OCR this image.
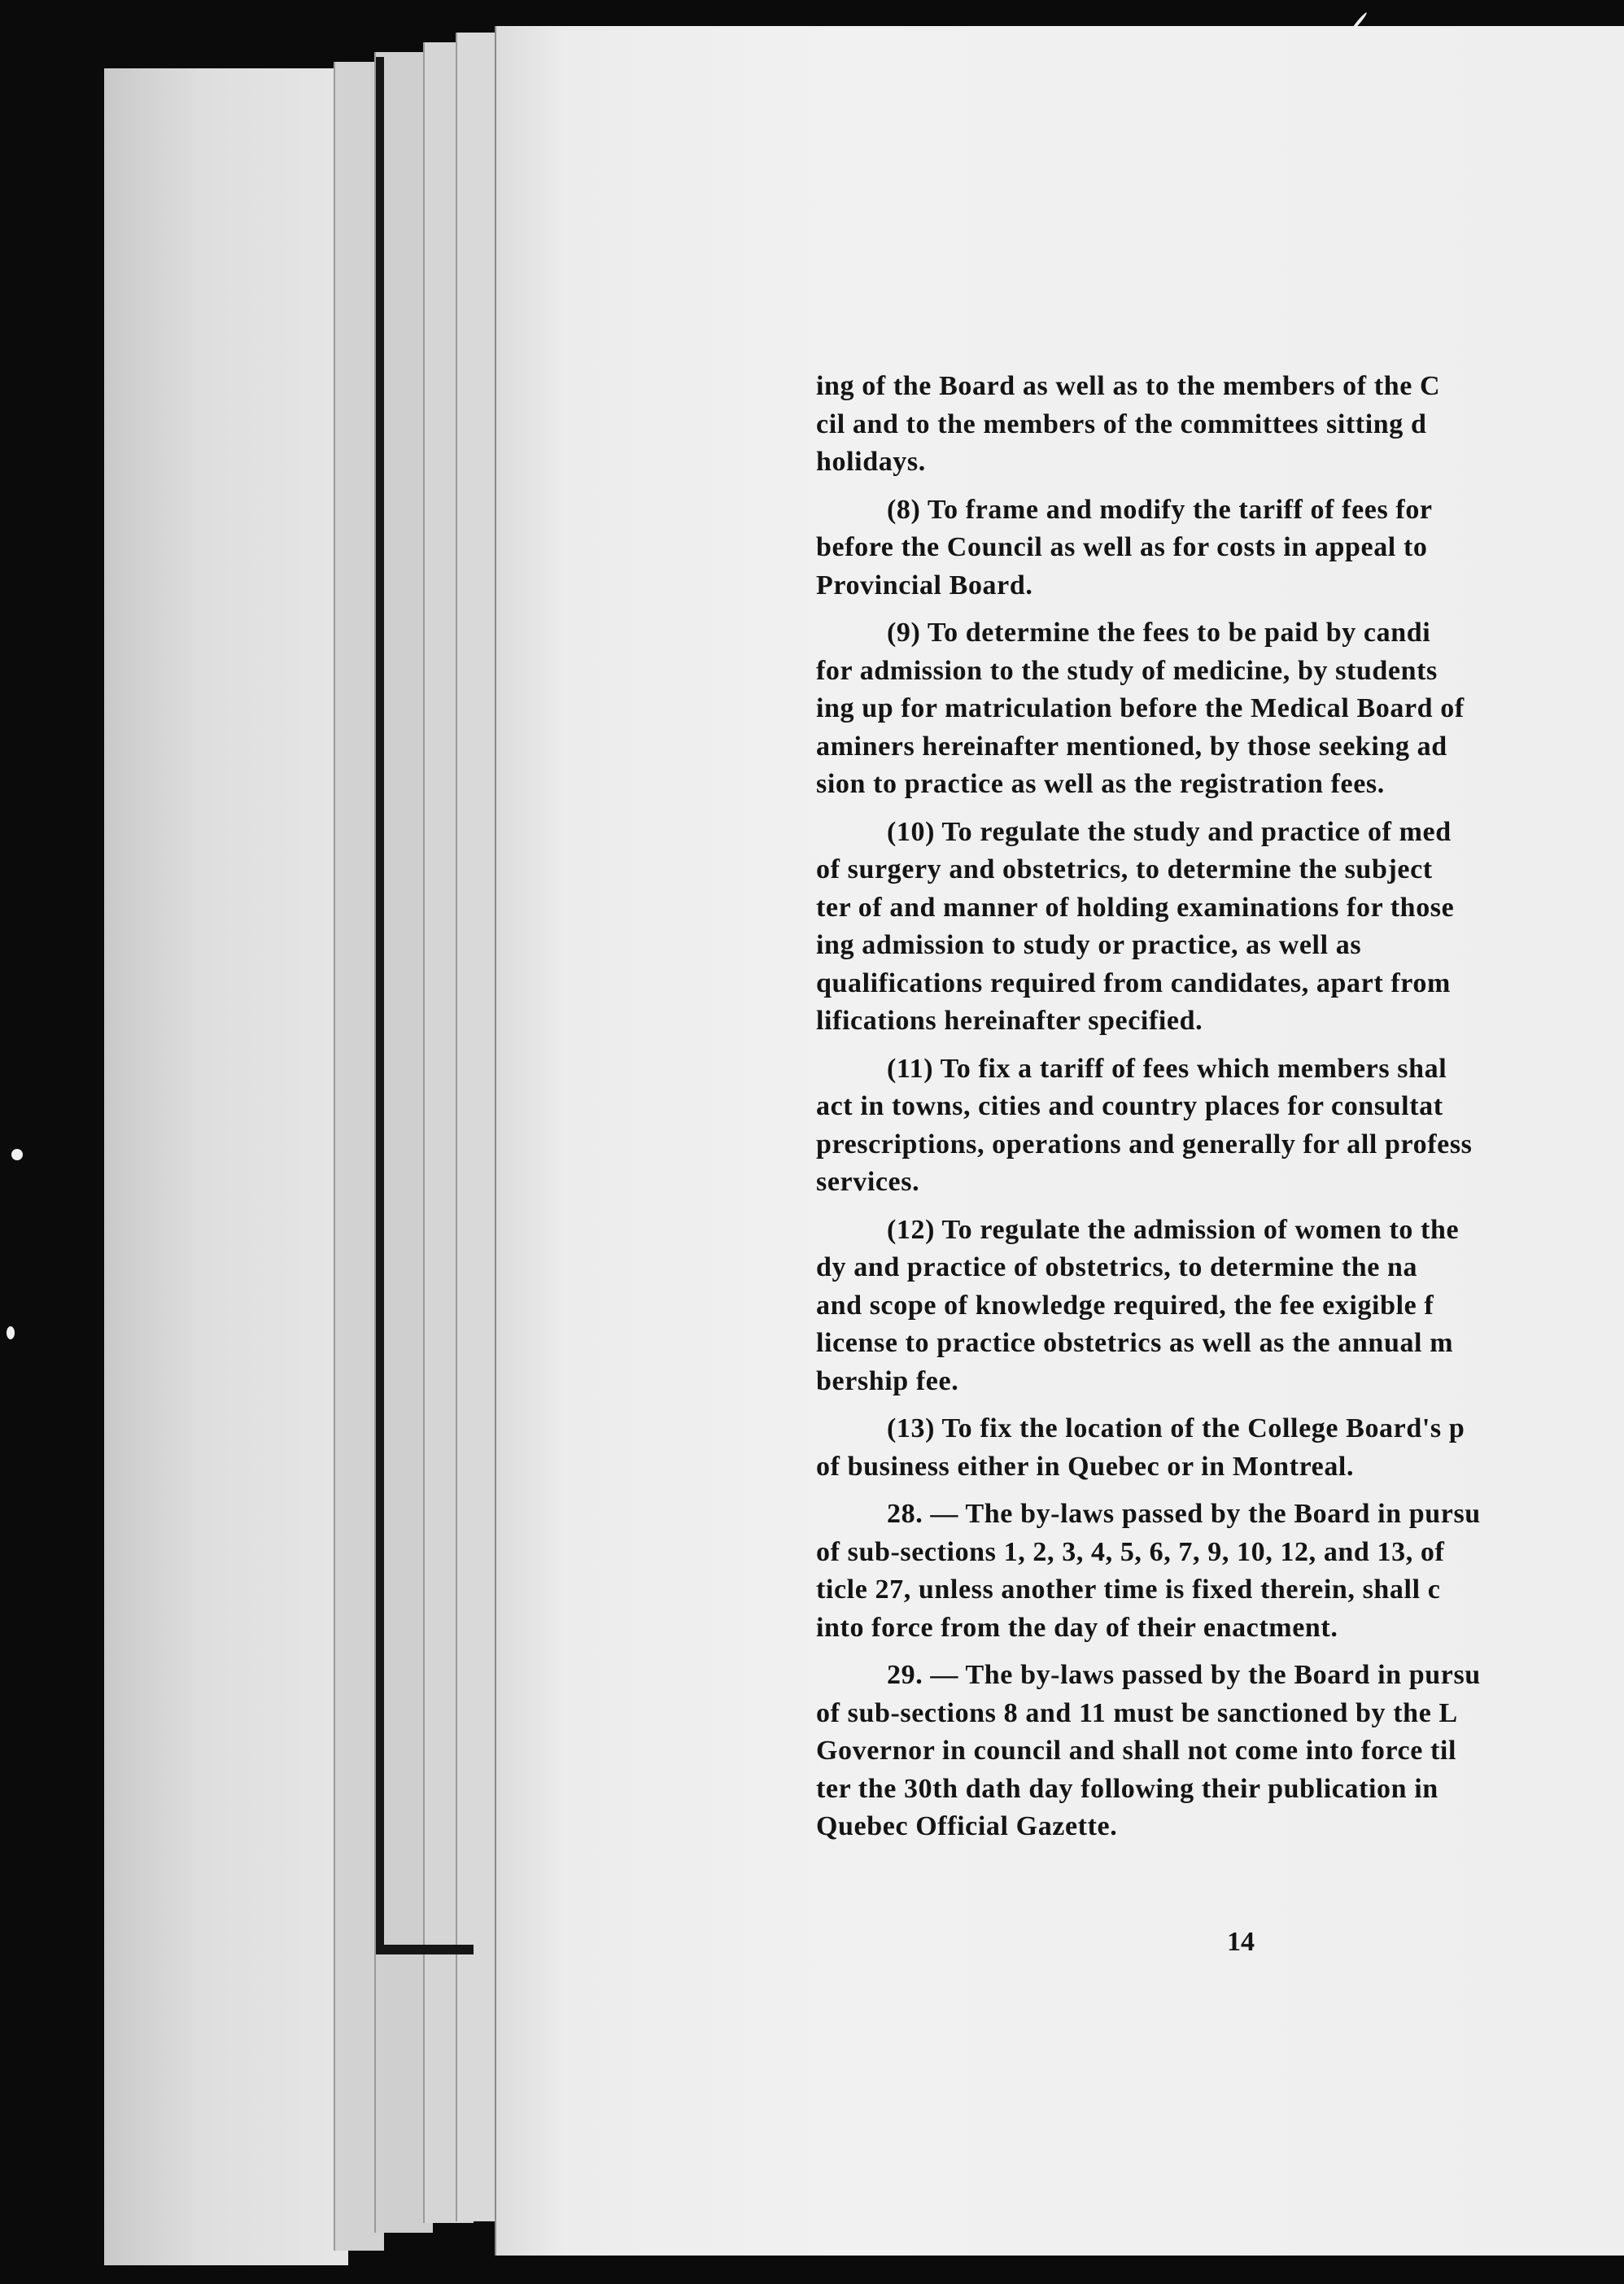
ing of the Board as well as to the members of the C
cil and to the members of the committees sitting d
holidays.
(8) To frame and modify the tariff of fees for
before the Council as well as for costs in appeal to
Provincial Board.
(9) To determine the fees to be paid by candi
for admission to the study of medicine, by students
ing up for matriculation before the Medical Board of
aminers hereinafter mentioned, by those seeking ad
sion to practice as well as the registration fees.
(10) To regulate the study and practice of med
of surgery and obstetrics, to determine the subject
ter of and manner of holding examinations for those
ing admission to study or practice, as well as
qualifications required from candidates, apart from
lifications hereinafter specified.
(11) To fix a tariff of fees which members shal
act in towns, cities and country places for consultat
prescriptions, operations and generally for all profess
services.
(12) To regulate the admission of women to the
dy and practice of obstetrics, to determine the na
and scope of knowledge required, the fee exigible f
license to practice obstetrics as well as the annual m
bership fee.
(13) To fix the location of the College Board's p
of business either in Quebec or in Montreal.
28. — The by-laws passed by the Board in pursu
of sub-sections 1, 2, 3, 4, 5, 6, 7, 9, 10, 12, and 13, of
ticle 27, unless another time is fixed therein, shall c
into force from the day of their enactment.
29. — The by-laws passed by the Board in pursu
of sub-sections 8 and 11 must be sanctioned by the L
Governor in council and shall not come into force til
ter the 30th dath day following their publication in
Quebec Official Gazette.
14
